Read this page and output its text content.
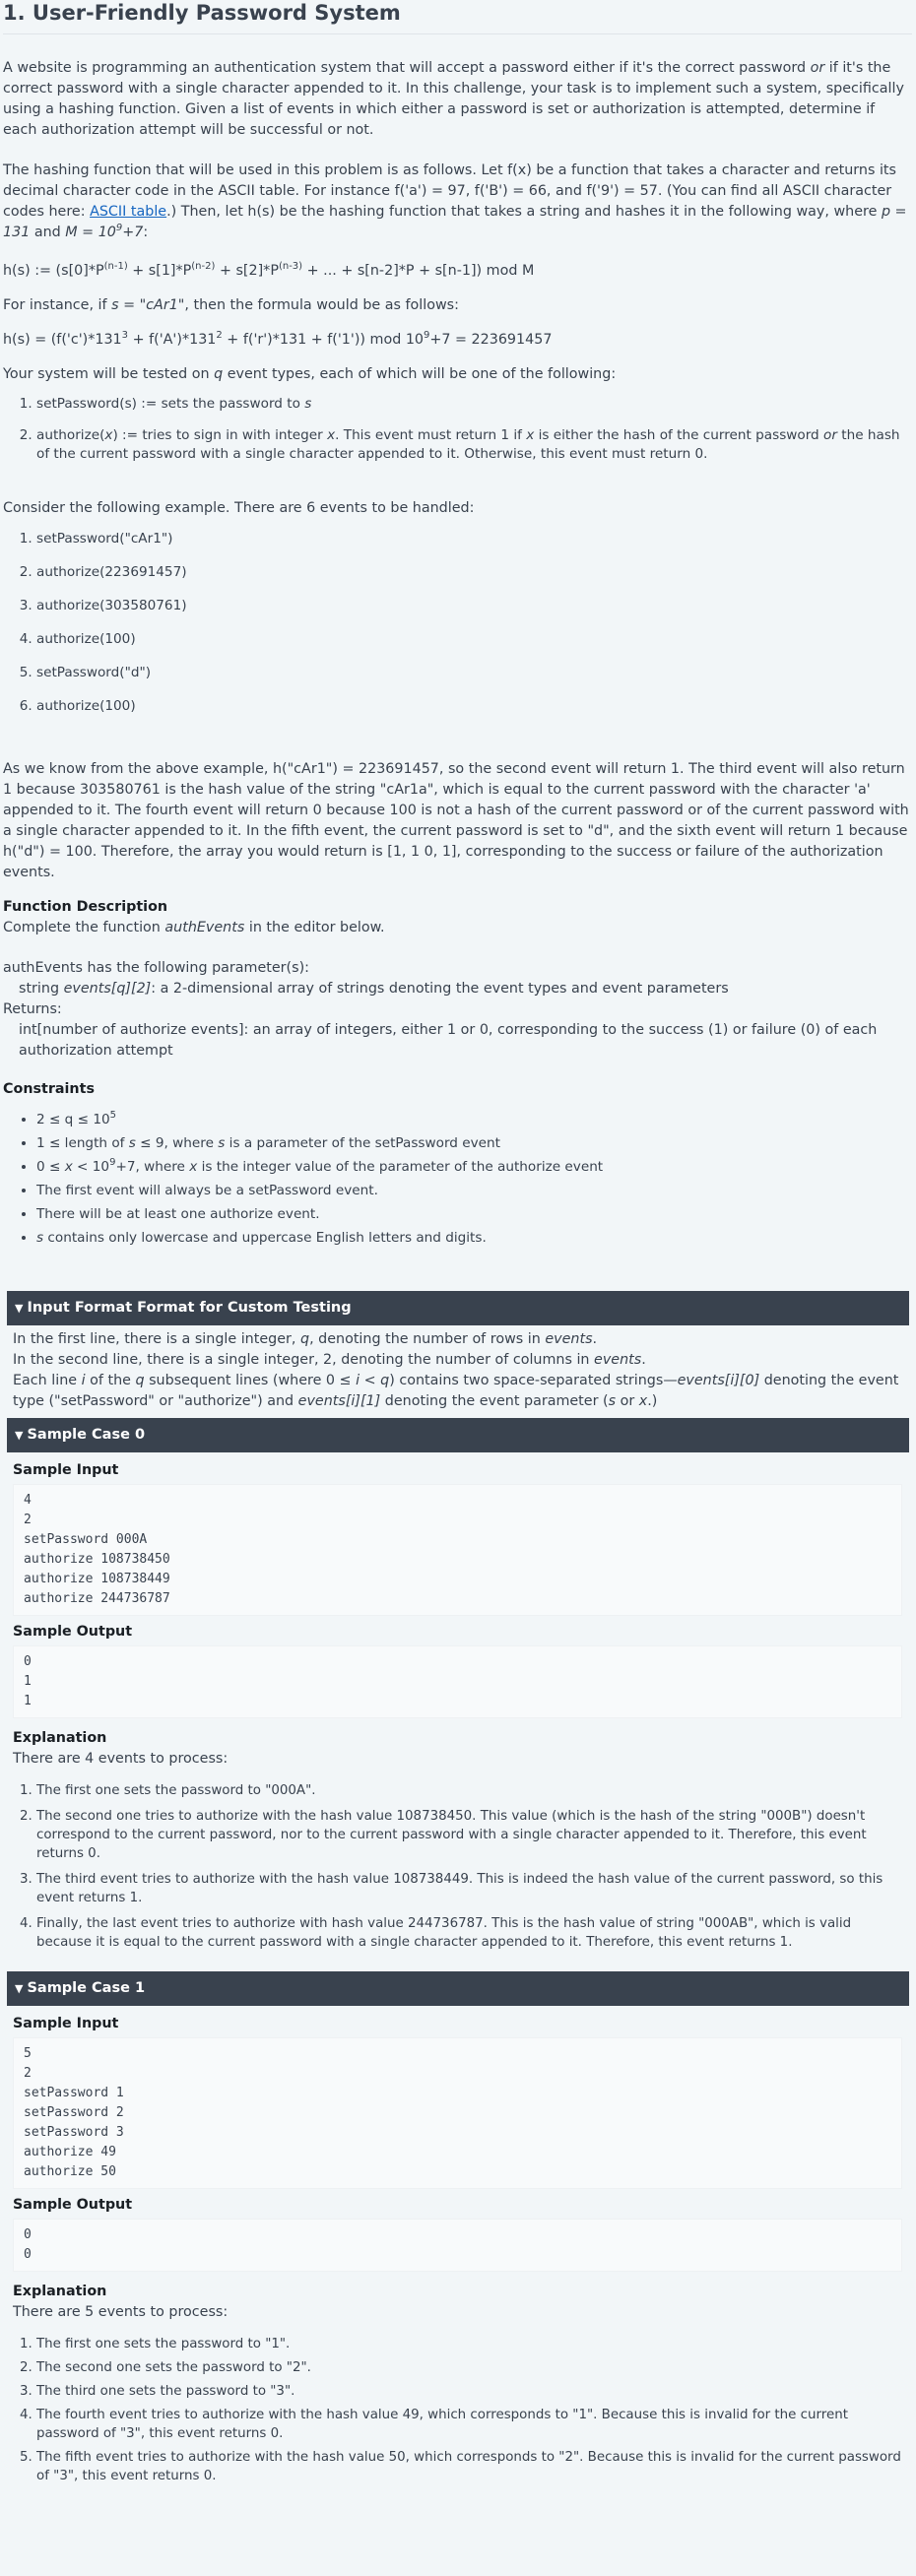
1. User-Friendly Password System

A website is programming an authentication system that will accept a password either if it's the correct password or if it's the correct password with a single character appended to it. In this challenge, your task is to implement such a system, specifically using a hashing function. Given a list of events in which either a password is set or authorization is attempted, determine if each authorization attempt will be successful or not.

The hashing function that will be used in this problem is as follows. Let f(x) be a function that takes a character and returns its decimal character code in the ASCII table. For instance f('a') = 97, f('B') = 66, and f('9') = 57. (You can find all ASCII character codes here: ASCII table.) Then, let h(s) be the hashing function that takes a string and hashes it in the following way, where p = 131 and $M = 10^9+7$:

h(s) := ($s[0]*P^{(n-1)} + s[1]*P^{(n-2)} + s[2]*P^{(n-3)}$ + ... + s[n-2]*P + s[n-1]) mod M

For instance, if s = "cAr1", then the formula would be as follows:

$h(s) = (f('c')*131^3 + f('A')*131^2 + f('r')*131 + f('1'))$ mod $10^9+7 = 223691457$

Your system will be tested on q event types, each of which will be one of the following:

1. setPassword(s) := sets the password to s
2. authorize(x) := tries to sign in with integer x. This event must return 1 if x is either the hash of the current password or the hash of the current password with a single character appended to it. Otherwise, this event must return 0.

Consider the following example. There are 6 events to be handled:

1. setPassword("cAr1")
2. authorize(223691457)
3. authorize(303580761)
4. authorize(100)
5. setPassword("d")
6. authorize(100)

As we know from the above example, h("cAr1") = 223691457, so the second event will return 1. The third event will also return 1 because 303580761 is the hash value of the string "cAr1a", which is equal to the current password with the character 'a' appended to it. The fourth event will return 0 because 100 is not a hash of the current password or of the current password with a single character appended to it. In the fifth event, the current password is set to "d", and the sixth event will return 1 because h("d") = 100. Therefore, the array you would return is [1, 1 0, 1], corresponding to the success or failure of the authorization events.

Function Description

Complete the function authEvents in the editor below.

authEvents has the following parameter(s):

string events[q][2]: a 2-dimensional array of strings denoting the event types and event parameters

Returns:

int[number of authorize events]: an array of integers, either 1 or 0, corresponding to the success (1) or failure (0) of each authorization attempt

Constraints

• $2 \le q \le 10^5$
• 1 ≤ length of s ≤ 9, where s is a parameter of the setPassword event
• $0 \le x < 10^9+7$, where x is the integer value of the parameter of the authorize event
• The first event will always be a setPassword event.
• There will be at least one authorize event.
• s contains only lowercase and uppercase English letters and digits.
▼ Input Format Format for Custom Testing

In the first line, there is a single integer, q, denoting the number of rows in events.

In the second line, there is a single integer, 2, denoting the number of columns in events.

Each line i of the q subsequent lines (where 0 ≤ i < q) contains two space-separated strings—events[i][0] denoting the event type ("setPassword" or "authorize") and events[i][1] denoting the event parameter (s or x.)

▼ Sample Case 0

Sample Input

4
2
setPassword 000A
authorize 108738450
authorize 108738449
authorize 244736787

Sample Output

0
1
1

Explanation

There are 4 events to process:

1. The first one sets the password to "000A".
2. The second one tries to authorize with the hash value 108738450. This value (which is the hash of the string "000B") doesn't correspond to the current password, nor to the current password with a single character appended to it. Therefore, this event returns 0.
3. The third event tries to authorize with the hash value 108738449. This is indeed the hash value of the current password, so this event returns 1.
4. Finally, the last event tries to authorize with hash value 244736787. This is the hash value of string "000AB", which is valid because it is equal to the current password with a single character appended to it. Therefore, this event returns 1.
▼ Sample Case 1

Sample Input

5
2
setPassword 1
setPassword 2
setPassword 3
authorize 49
authorize 50

Sample Output

0
0

Explanation

There are 5 events to process:

1. The first one sets the password to "1".
2. The second one sets the password to "2".
3. The third one sets the password to "3".
4. The fourth event tries to authorize with the hash value 49, which corresponds to "1". Because this is invalid for the current password of "3", this event returns 0.
5. The fifth event tries to authorize with the hash value 50, which corresponds to "2". Because this is invalid for the current password of "3", this event returns 0.
